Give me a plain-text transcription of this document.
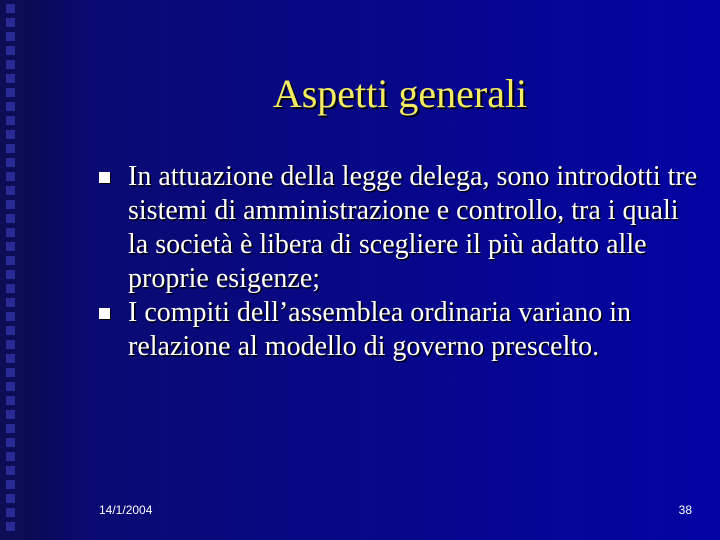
Aspetti generali
In attuazione della legge delega, sono introdotti tre sistemi di amministrazione e controllo, tra i quali la società è libera di scegliere il più adatto alle proprie esigenze;
I compiti dell’assemblea ordinaria variano in relazione al modello di governo prescelto.
14/1/2004	38
